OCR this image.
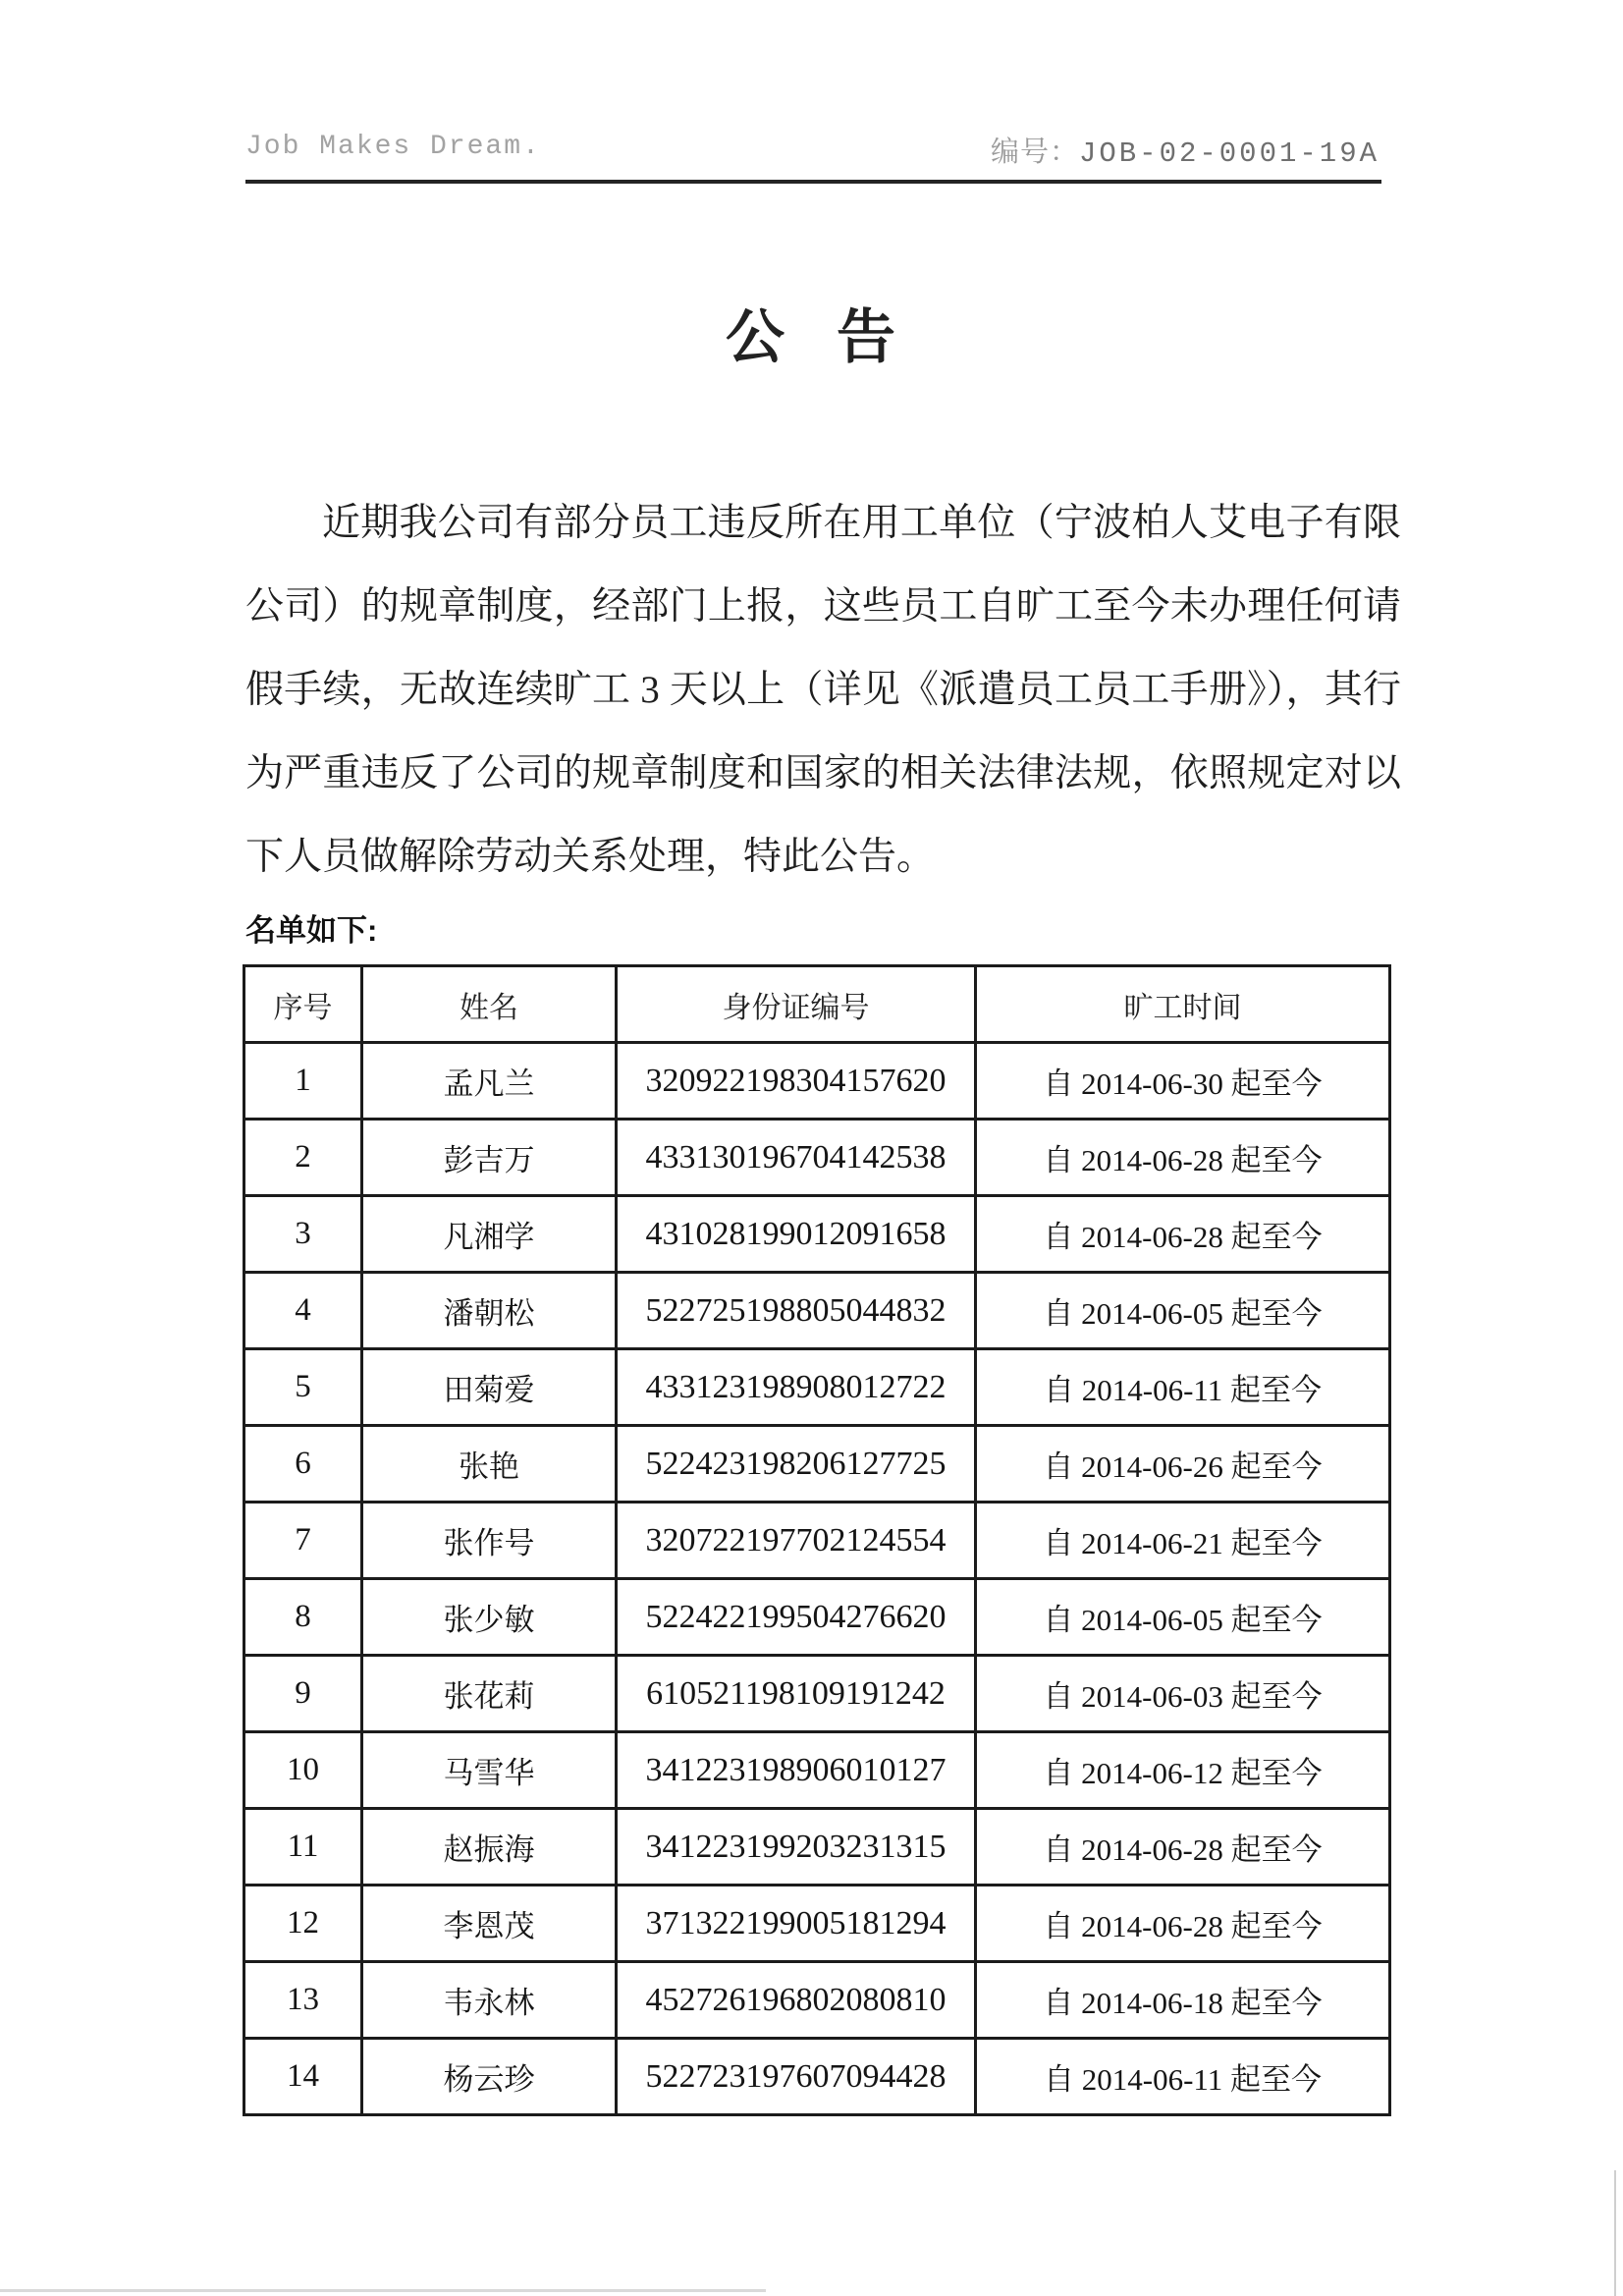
Job Makes Dream.	编号：JOB-02-0001-19A
公 告

近期我公司有部分员工违反所在用工单位（宁波柏人艾电子有限

公司）的规章制度，经部门上报，这些员工自旷工至今未办理任何请

假手续，无故连续旷工 3 天以上（详见《派遣员工员工手册》），其行

为严重违反了公司的规章制度和国家的相关法律法规，依照规定对以

下人员做解除劳动关系处理，特此公告。

名单如下:
序号	姓名	身份证编号	旷工时间
1	孟凡兰	320922198304157620	自 2014-06-30 起至今
2	彭吉万	433130196704142538	自 2014-06-28 起至今
3	凡湘学	431028199012091658	自 2014-06-28 起至今
4	潘朝松	522725198805044832	自 2014-06-05 起至今
5	田菊爱	433123198908012722	自 2014-06-11 起至今
6	张艳	522423198206127725	自 2014-06-26 起至今
7	张作号	320722197702124554	自 2014-06-21 起至今
8	张少敏	522422199504276620	自 2014-06-05 起至今
9	张花莉	610521198109191242	自 2014-06-03 起至今
10	马雪华	341223198906010127	自 2014-06-12 起至今
11	赵振海	341223199203231315	自 2014-06-28 起至今
12	李恩茂	371322199005181294	自 2014-06-28 起至今
13	韦永林	452726196802080810	自 2014-06-18 起至今
14	杨云珍	522723197607094428	自 2014-06-11 起至今
